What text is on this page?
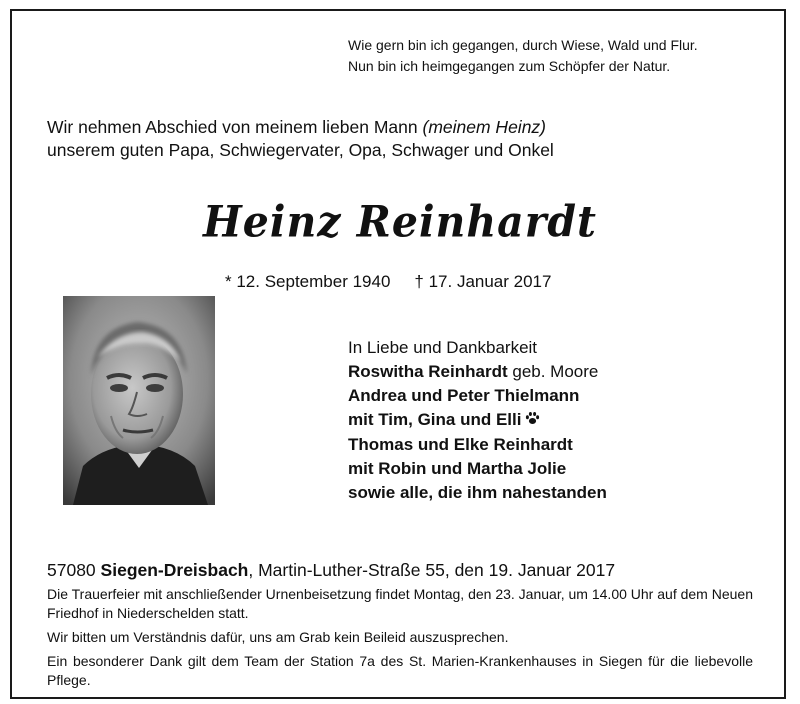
Wie gern bin ich gegangen, durch Wiese, Wald und Flur.
Nun bin ich heimgegangen zum Schöpfer der Natur.
Wir nehmen Abschied von meinem lieben Mann (meinem Heinz)
unserem guten Papa, Schwiegervater, Opa, Schwager und Onkel
Heinz Reinhardt
* 12. September 1940 † 17. Januar 2017
In Liebe und Dankbarkeit
Roswitha Reinhardt geb. Moore
Andrea und Peter Thielmann
mit Tim, Gina und Elli
Thomas und Elke Reinhardt
mit Robin und Martha Jolie
sowie alle, die ihm nahestanden
57080 Siegen-Dreisbach, Martin-Luther-Straße 55, den 19. Januar 2017

Die Trauerfeier mit anschließender Urnenbeisetzung findet Montag, den 23. Januar, um 14.00 Uhr auf dem Neuen Friedhof in Niederschelden statt.

Wir bitten um Verständnis dafür, uns am Grab kein Beileid auszusprechen.

Ein besonderer Dank gilt dem Team der Station 7a des St. Marien-Krankenhauses in Siegen für die liebevolle Pflege.
